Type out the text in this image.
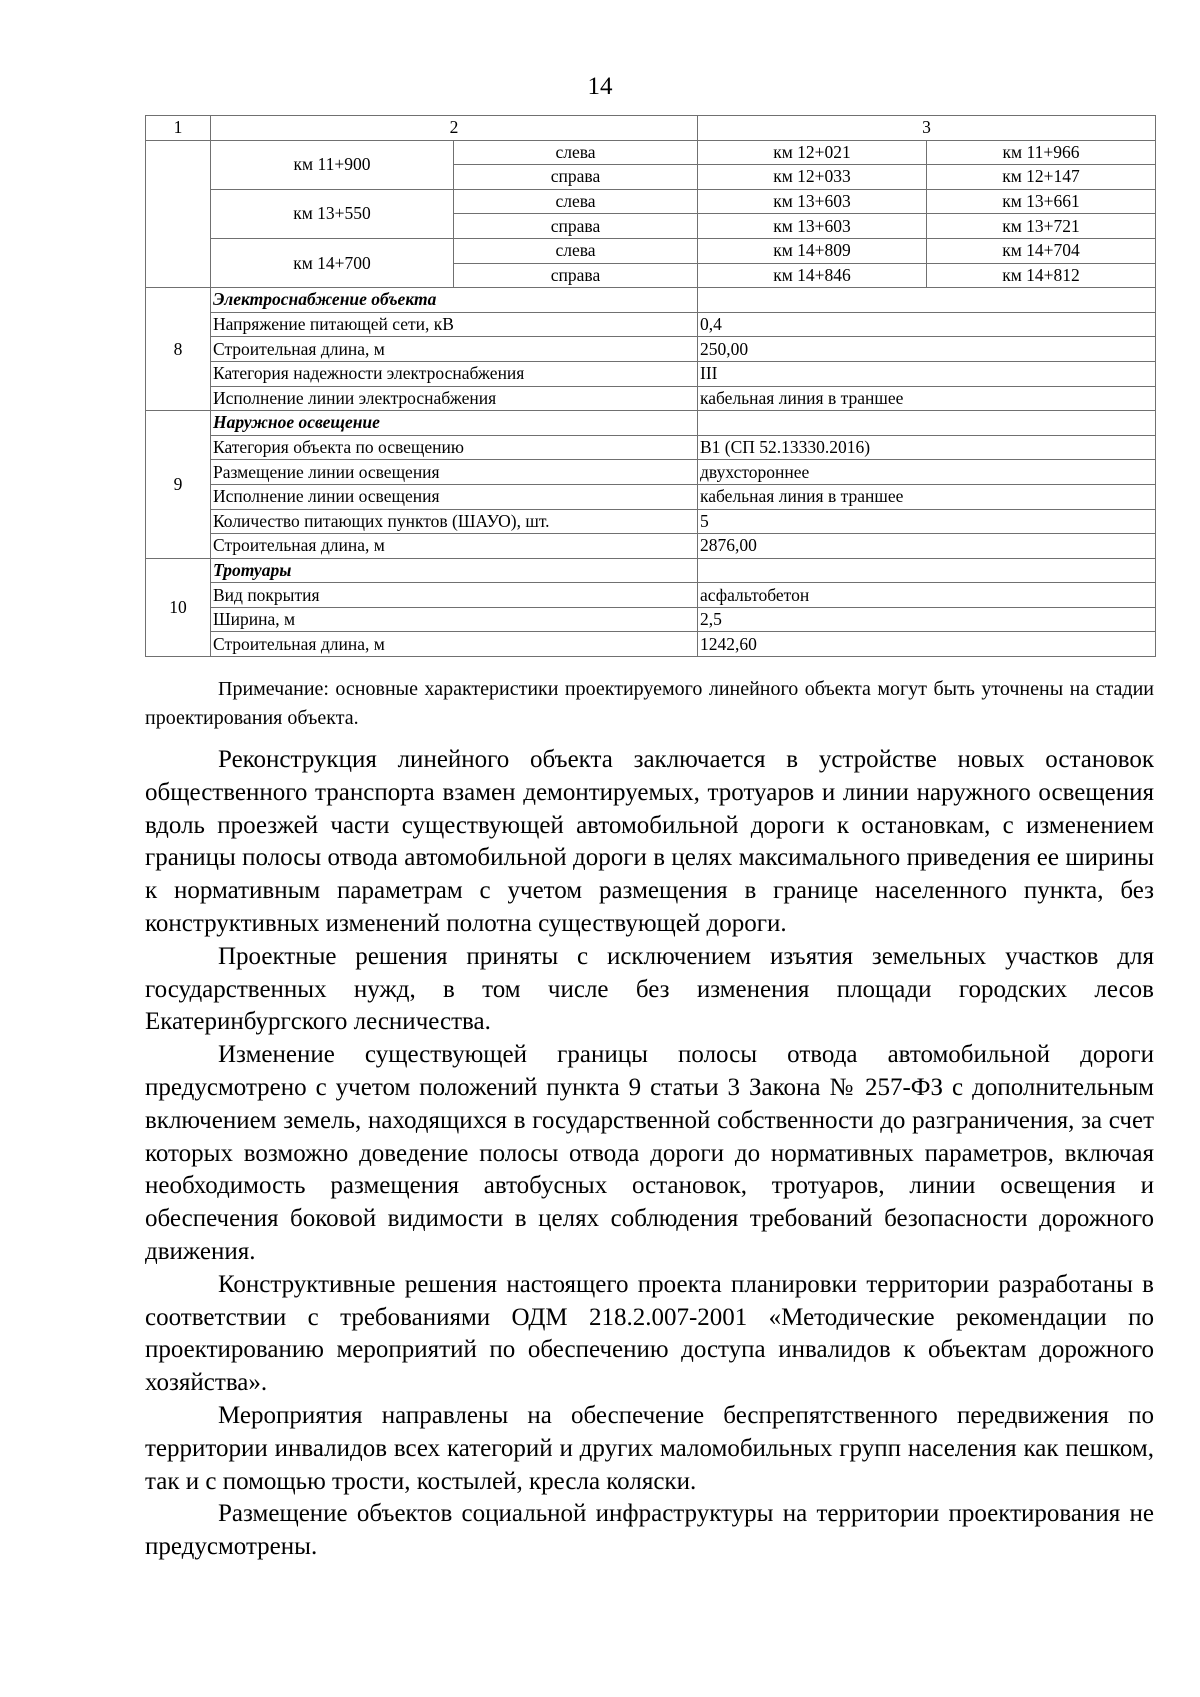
14
1	2		3	
	км 11+900	слева	км 12+021	км 11+966
		справа	км 12+033	км 12+147
	км 13+550	слева	км 13+603	км 13+661
		справа	км 13+603	км 13+721
	км 14+700	слева	км 14+809	км 14+704
		справа	км 14+846	км 14+812
8	Электроснабжение объекта			
	Напряжение питающей сети, кВ		0,4	
	Строительная длина, м		250,00	
	Категория надежности электроснабжения		III	
	Исполнение линии электроснабжения		кабельная линия в траншее	
9	Наружное освещение			
	Категория объекта по освещению		В1 (СП 52.13330.2016)	
	Размещение линии освещения		двухстороннее	
	Исполнение линии освещения		кабельная линия в траншее	
	Количество питающих пунктов (ШАУО), шт.		5	
	Строительная длина, м		2876,00	
10	Тротуары			
	Вид покрытия		асфальтобетон	
	Ширина, м		2,5	
	Строительная длина, м		1242,60	

Примечание: основные характеристики проектируемого линейного объекта могут быть уточнены на стадии проектирования объекта.

Реконструкция линейного объекта заключается в устройстве новых остановок общественного транспорта взамен демонтируемых, тротуаров и линии наружного освещения вдоль проезжей части существующей автомобильной дороги к остановкам, с изменением границы полосы отвода автомобильной дороги в целях максимального приведения ее ширины к нормативным параметрам с учетом размещения в границе населенного пункта, без конструктивных изменений полотна существующей дороги.

Проектные решения приняты с исключением изъятия земельных участков для государственных нужд, в том числе без изменения площади городских лесов Екатеринбургского лесничества.

Изменение существующей границы полосы отвода автомобильной дороги предусмотрено с учетом положений пункта 9 статьи 3 Закона № 257-ФЗ с дополнительным включением земель, находящихся в государственной собственности до разграничения, за счет которых возможно доведение полосы отвода дороги до нормативных параметров, включая необходимость размещения автобусных остановок, тротуаров, линии освещения и обеспечения боковой видимости в целях соблюдения требований безопасности дорожного движения.

Конструктивные решения настоящего проекта планировки территории разработаны в соответствии с требованиями ОДМ 218.2.007-2001 «Методические рекомендации по проектированию мероприятий по обеспечению доступа инвалидов к объектам дорожного хозяйства».

Мероприятия направлены на обеспечение беспрепятственного передвижения по территории инвалидов всех категорий и других маломобильных групп населения как пешком, так и с помощью трости, костылей, кресла коляски.

Размещение объектов социальной инфраструктуры на территории проектирования не предусмотрены.
